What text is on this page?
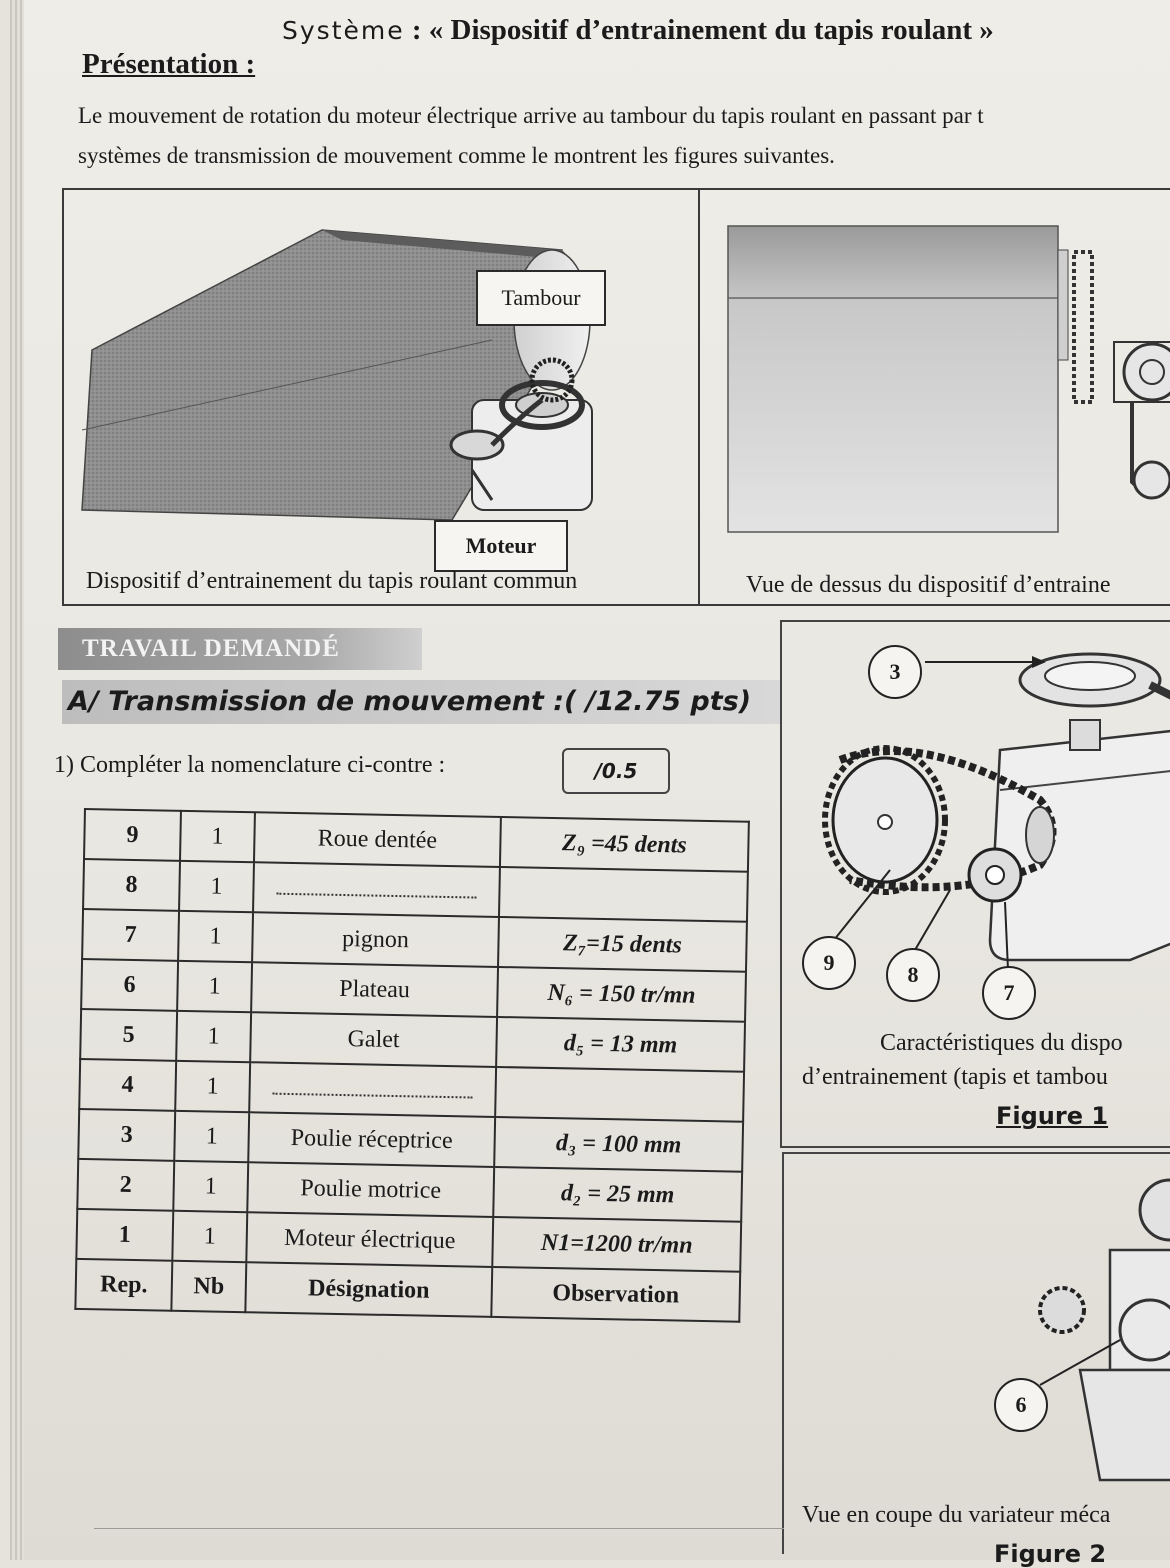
Système : « Dispositif d’entrainement du tapis roulant »
Présentation :
Le mouvement de rotation du moteur électrique arrive au tambour du tapis roulant en passant par t
systèmes de transmission de mouvement comme le montrent les figures suivantes.
Tambour
Moteur
Dispositif d’entrainement du tapis roulant commun	Vue de dessus du dispositif d’entraine
TRAVAIL DEMANDÉ
A/ Transmission de mouvement :( /12.75 pts)
1) Compléter la nomenclature ci-contre :	/0.5
9	1	Roue dentée	Z₉ =45 dents
8	1		
7	1	pignon	Z₇=15 dents
6	1	Plateau	N₆ = 150 tr/mn
5	1	Galet	d₅ = 13 mm
4	1		
3	1	Poulie réceptrice	d₃ = 100 mm
2	1	Poulie motrice	d₂ = 25 mm
1	1	Moteur électrique	N1=1200 tr/mn
Rep.	Nb	Désignation	Observation
3
9	8
7
Caractéristiques du dispo
d’entrainement (tapis et tambou
Figure 1
6
Vue en coupe du variateur méca
Figure 2
